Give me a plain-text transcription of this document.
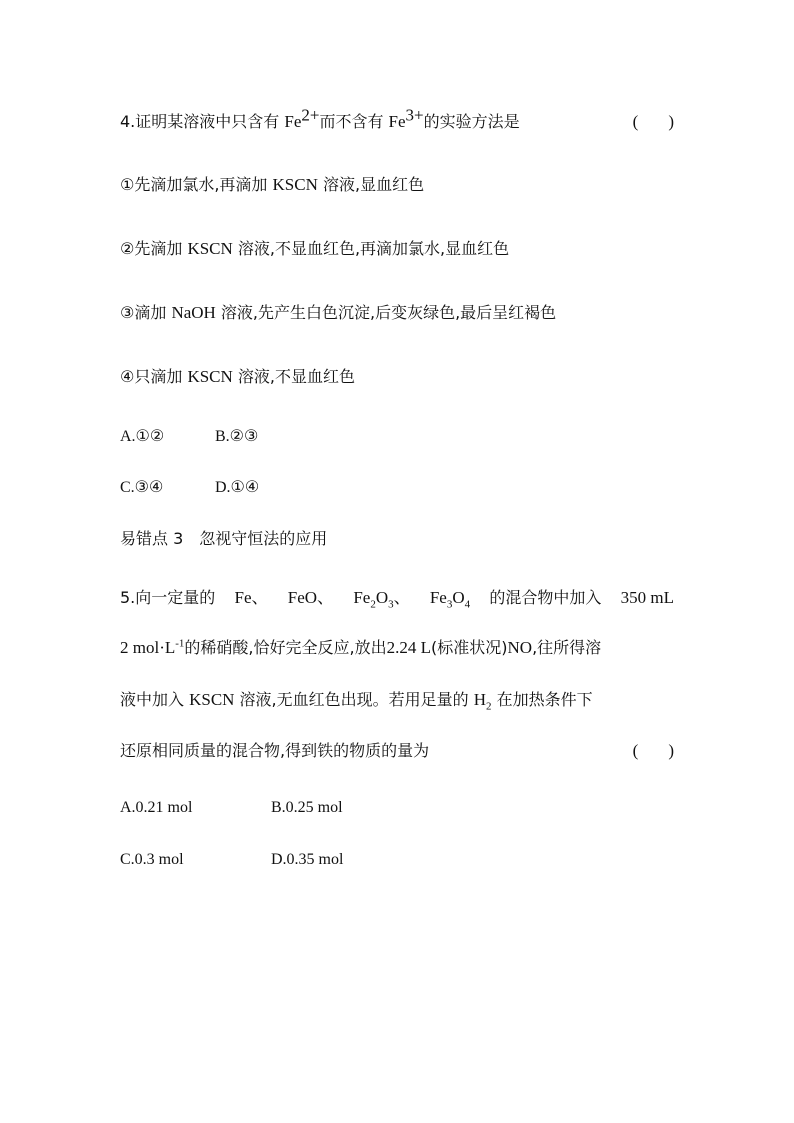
4.证明某溶液中只含有 $Fe^{2+}$而不含有 $Fe^{3+}$的实验方法是	( )
①先滴加氯水,再滴加 KSCN 溶液,显血红色
②先滴加 KSCN 溶液,不显血红色,再滴加氯水,显血红色
③滴加 NaOH 溶液,先产生白色沉淀,后变灰绿色,最后呈红褐色
④只滴加 KSCN 溶液,不显血红色
A.①②	B.②③
C.③④	D.①④
易错点 3　忽视守恒法的应用
5.向一定量的 Fe、 FeO、 $Fe_2O_3$、 $Fe_3O_4$ 的混合物中加入 350 mL
2 $mol\cdot L^{-1}$的稀硝酸,恰好完全反应,放出2.24 L(标准状况)NO,往所得溶
液中加入 KSCN 溶液,无血红色出现。若用足量的 $H_2$ 在加热条件下
还原相同质量的混合物,得到铁的物质的量为	( )
A.0.21 mol	B.0.25 mol
C.0.3 mol	D.0.35 mol
